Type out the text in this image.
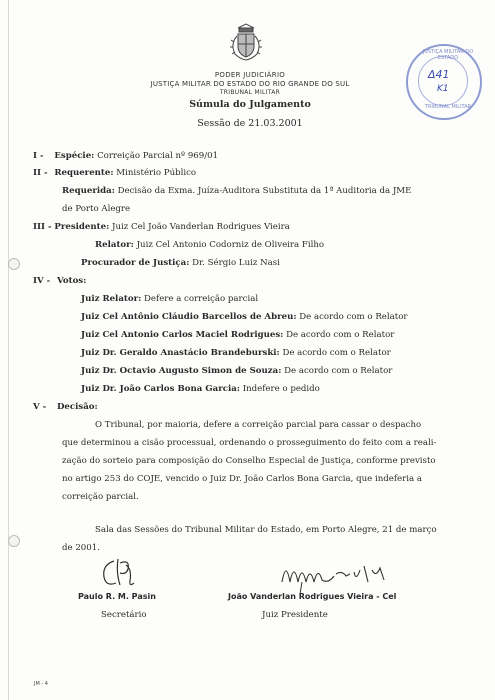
PODER JUDICIÁRIO
JUSTIÇA MILITAR DO ESTADO DO RIO GRANDE DO SUL
TRIBUNAL MILITAR
Súmula do Julgamento
Sessão de 21.03.2001
JUSTIÇA MILITAR DO ESTADO
TRIBUNAL MILITAR
Δ41
K1
I - Espécie: Correição Parcial nº 969/01
II - Requerente: Ministério Público
Requerida: Decisão da Exma. Juíza-Auditora Substituta da 1ª Auditoria da JME
de Porto Alegre
III - Presidente: Juiz Cel João Vanderlan Rodrigues Vieira
Relator: Juiz Cel Antonio Codorniz de Oliveira Filho
Procurador de Justiça: Dr. Sérgio Luiz Nasi
IV - Votos:
Juiz Relator: Defere a correição parcial
Juiz Cel Antônio Cláudio Barcellos de Abreu: De acordo com o Relator
Juiz Cel Antonio Carlos Maciel Rodrigues: De acordo com o Relator
Juiz Dr. Geraldo Anastácio Brandeburski: De acordo com o Relator
Juiz Dr. Octavio Augusto Simon de Souza: De acordo com o Relator
Juiz Dr. João Carlos Bona Garcia: Indefere o pedido
V - Decisão:
O Tribunal, por maioria, defere a correição parcial para cassar o despacho
que determinou a cisão processual, ordenando o prosseguimento do feito com a reali-
zação do sorteio para composição do Conselho Especial de Justiça, conforme previsto
no artigo 253 do COJE, vencido o Juiz Dr. João Carlos Bona Garcia, que indeferia a
correição parcial.
Sala das Sessões do Tribunal Militar do Estado, em Porto Alegre, 21 de março
de 2001.
Paulo R. M. Pasin
Secretário
João Vanderlan Rodrigues Vieira - Cel
Juiz Presidente
JM - 4
